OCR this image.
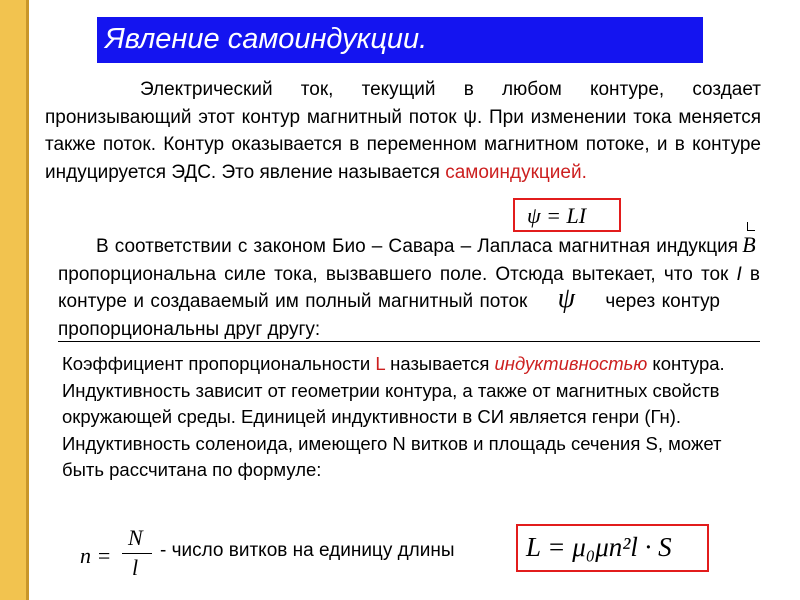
Явление самоиндукции.
Электрический ток, текущий в любом контуре, создает пронизывающий этот контур магнитный поток ψ. При изменении тока меняется также поток. Контур оказывается в переменном магнитном потоке, и в контуре индуцируется ЭДС. Это явление называется самоиндукцией.
ψ = LI
В соответствии с законом Био – Савара – Лапласа магнитная индукция Bпропорциональна силе тока, вызвавшего поле. Отсюда вытекает, что ток I в контуре и создаваемый им полный магнитный поток ψ через контурпропорциональны друг другу:
Коэффициент пропорциональности L называется индуктивностью контура. Индуктивность зависит от геометрии контура, а также от магнитных свойств окружающей среды. Единицей индуктивности в СИ является генри (Гн). Индуктивность соленоида, имеющего N витков и площадь сечения S, может быть рассчитана по формуле:
n =
N
l
- число витков на единицу длины	L = μ₀μn²l · S
